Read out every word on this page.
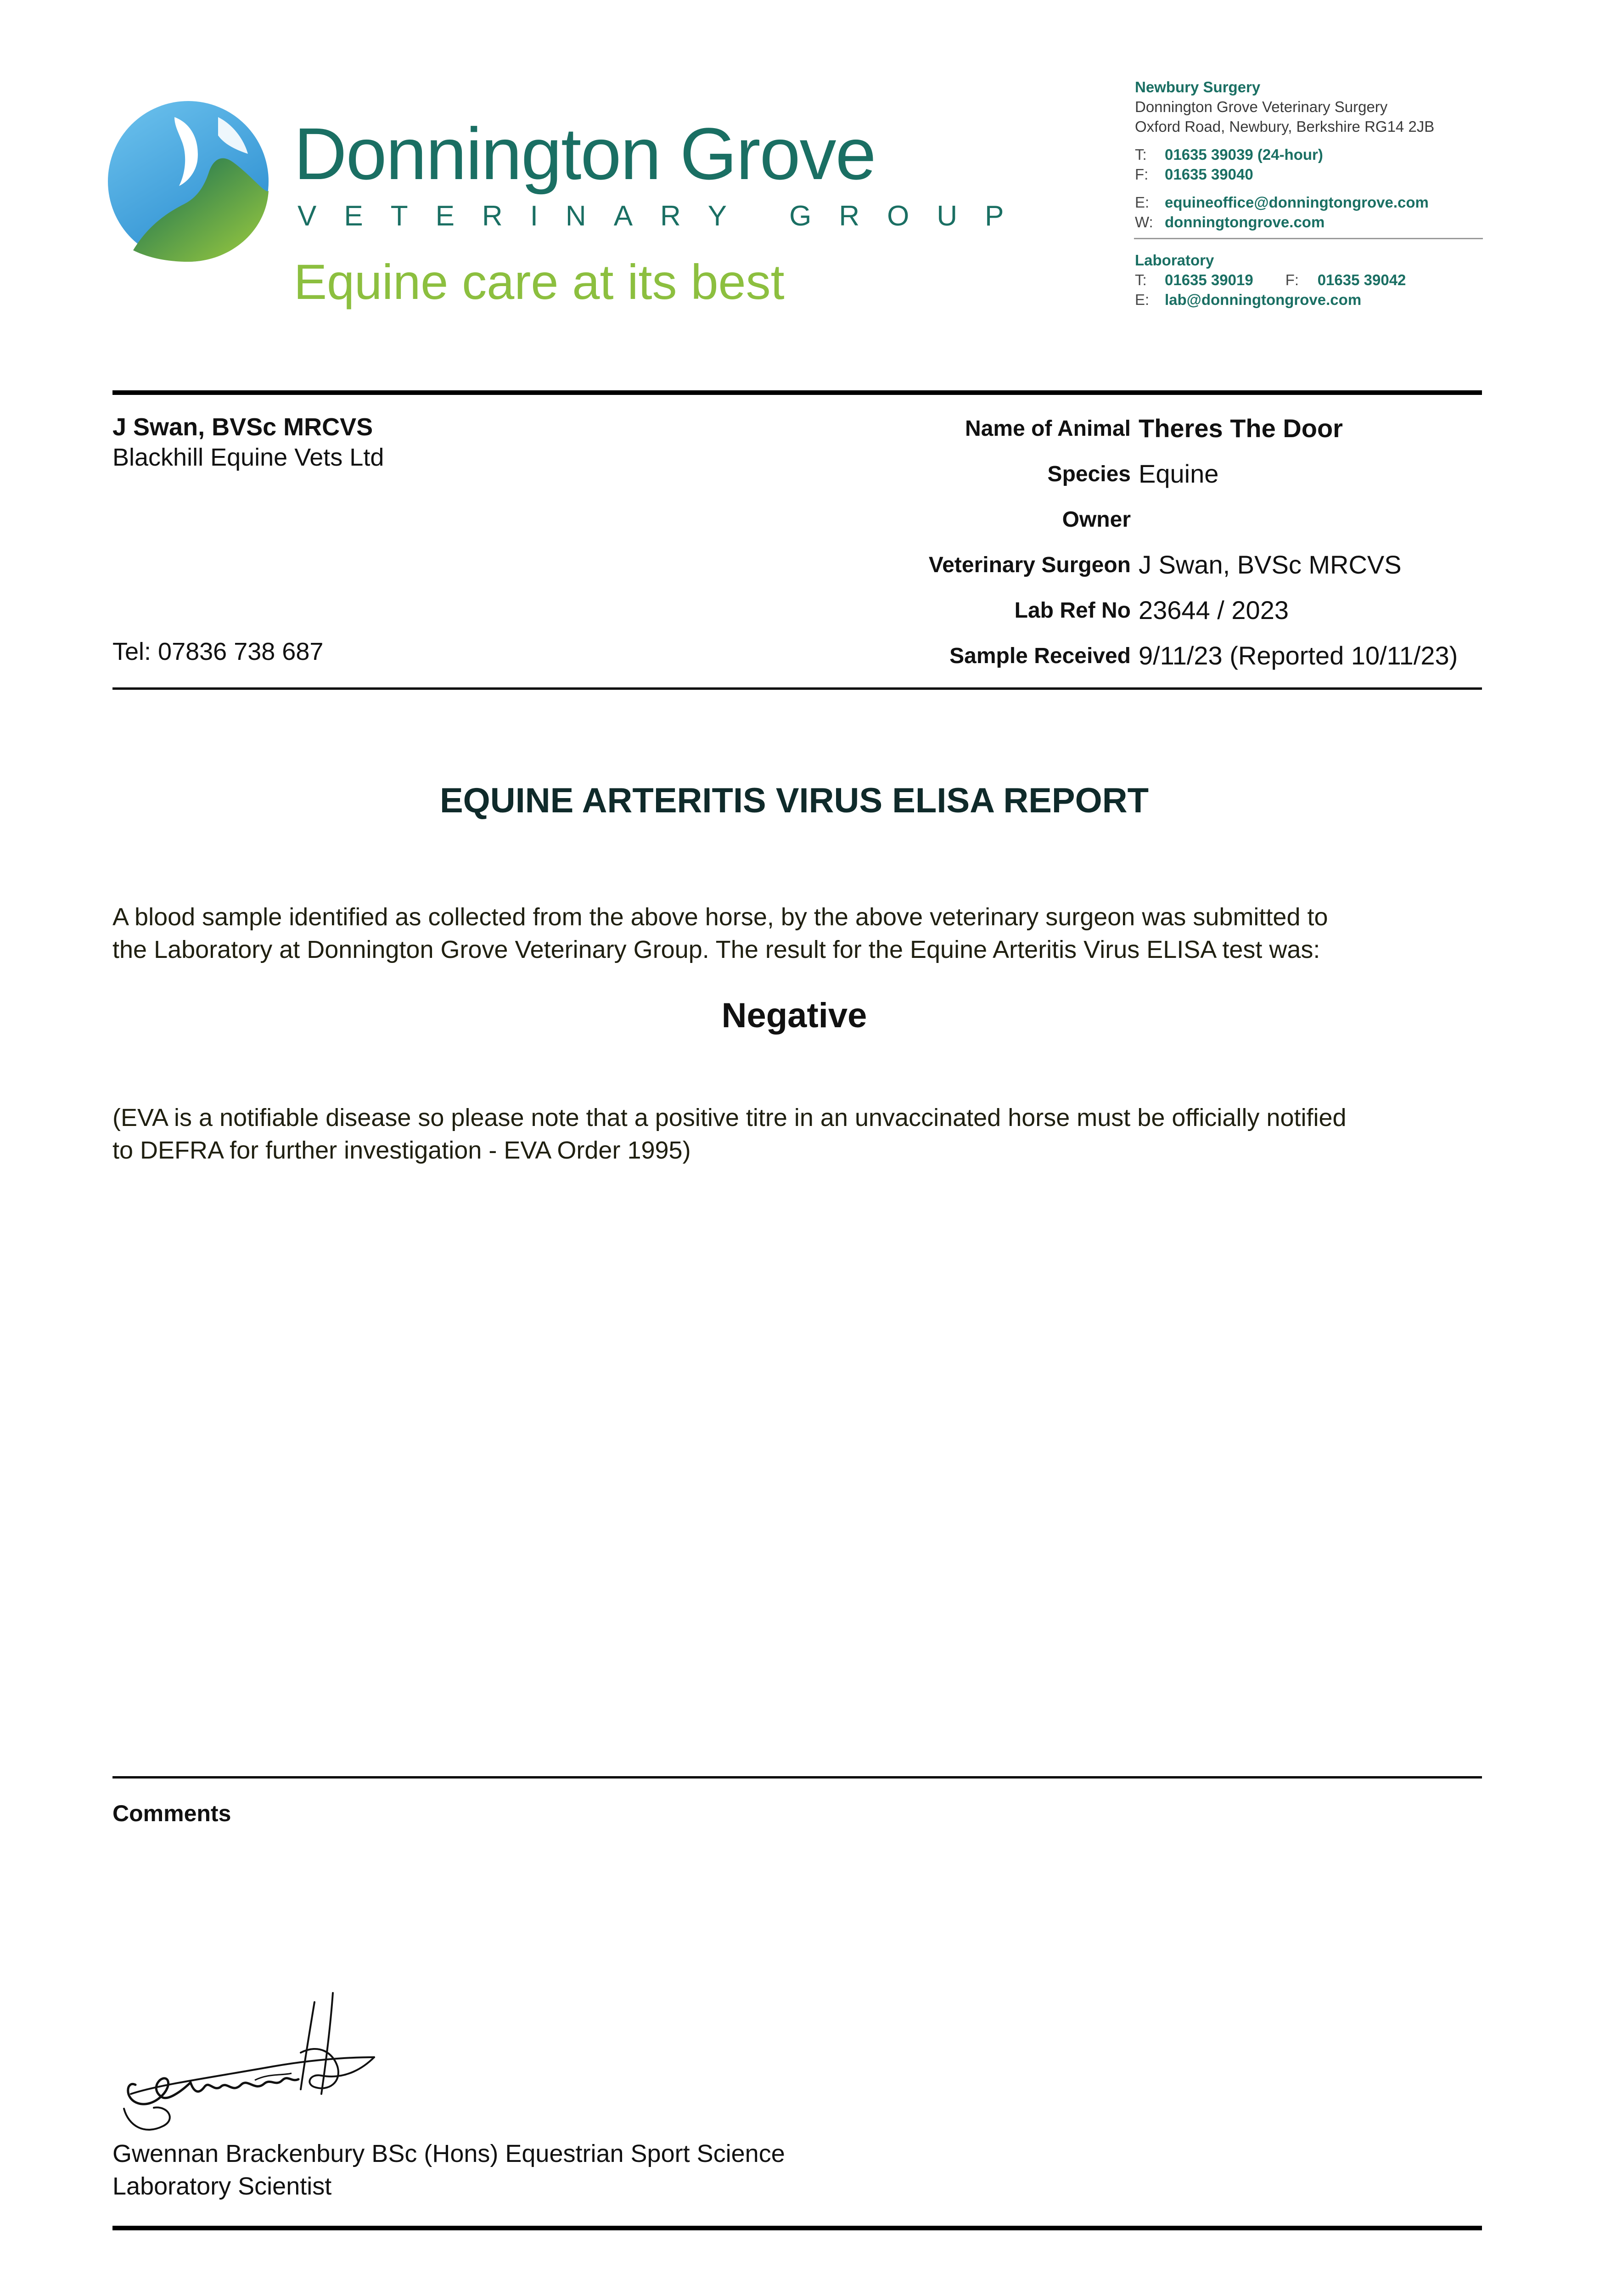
Donnington Grove
VETERINARY GROUP
Equine care at its best
Newbury Surgery
Donnington Grove Veterinary Surgery
Oxford Road, Newbury, Berkshire RG14 2JB
T: 01635 39039 (24-hour)
F: 01635 39040
E: equineoffice@donningtongrove.com
W: donningtongrove.com
Laboratory
T: 01635 39019 F: 01635 39042
E: lab@donningtongrove.com
J Swan, BVSc MRCVS
Blackhill Equine Vets Ltd
Tel: 07836 738 687
Name of Animal Theres The Door
Species Equine
Owner
Veterinary Surgeon J Swan, BVSc MRCVS
Lab Ref No 23644 / 2023
Sample Received 9/11/23 (Reported 10/11/23)
EQUINE ARTERITIS VIRUS ELISA REPORT
A blood sample identified as collected from the above horse, by the above veterinary surgeon was submitted to
the Laboratory at Donnington Grove Veterinary Group. The result for the Equine Arteritis Virus ELISA test was:
Negative
(EVA is a notifiable disease so please note that a positive titre in an unvaccinated horse must be officially notified
to DEFRA for further investigation - EVA Order 1995)
Comments
Gwennan Brackenbury BSc (Hons) Equestrian Sport Science
Laboratory Scientist
